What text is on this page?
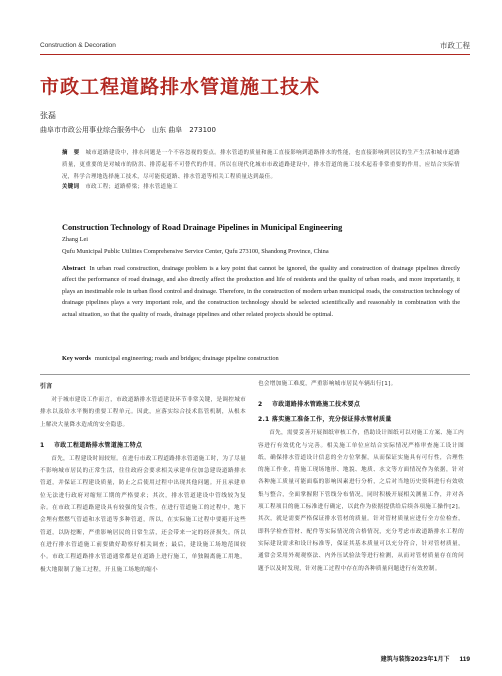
Construction & Decoration	市政工程
市政工程道路排水管道施工技术
张磊
曲阜市市政公用事业综合服务中心　山东 曲阜　273100
摘　要 城市道路建设中，排水问题是一个不容忽视的要点。排水管道的质量和施工直接影响到道路排水的性能，也直接影响到居民的生产生活和城市道路质量，更重要的是对城市的防洪、排涝起着不可替代的作用。所以在现代化城市市政道路建设中，排水管道的施工技术起着非常重要的作用，应结合实际情况，科学合理地选择施工技术，尽可能使道路、排水管道等相关工程质量达到最佳。
关键词 市政工程；道路桥梁；排水管道施工
Construction Technology of Road Drainage Pipelines in Municipal Engineering
Zhang Lei
Qufu Municipal Public Utilities Comprehensive Service Center, Qufu 273100, Shandong Province, China
Abstract In urban road construction, drainage problem is a key point that cannot be ignored, the quality and construction of drainage pipelines directly affect the performance of road drainage, and also directly affect the production and life of residents and the quality of urban roads, and more importantly, it plays an inestimable role in urban flood control and drainage. Therefore, in the construction of modern urban municipal roads, the construction technology of drainage pipelines plays a very important role, and the construction technology should be selected scientifically and reasonably in combination with the actual situation, so that the quality of roads, drainage pipelines and other related projects should be optimal.
Key words municipal engineering; roads and bridges; drainage pipeline construction
引言

对于城市建设工作而言，市政道路排水管道建设环节非常关键，是调控城市排水以及给水平衡的重要工程单元。因此，应落实综合技术监管机制，从根本上解决大量降水造成的安全隐患。

1 市政工程道路排水管道施工特点

首先，工程建设时间较短。在进行市政工程道路排水管道施工时，为了尽量不影响城市居民的正常生活，往往政府会要求相关承建单位加急建设道路排水管道，并保证工程建设质量，防止之后使用过程中出现其他问题。开且承建单位无法进行政府对缩短工期的严格要求；其次，排水管道建设中管线较为复杂。在市政工程道路建设具有较强的复合性，在进行管道施工的过程中，地下会埋有燃燃气管道和水管道等多种管道，所以，在实际施工过程中要避开这些管道，以防挖断，严重影响居民的日常生活，还会带来一定的经济损失。所以在进行排水管道施工前要做好勘察好相关调查；最后，建设施工场地范围较小。市政工程道路排水管道通常都是在道路上进行施工，单独隔离施工用地，极大地限制了施工过程，开且施工场地的缩小

也会增加施工难度，严重影响城市居民车辆出行[1]。

2 市政道路排水管路施工技术要点
2.1 落实施工准备工作，充分保证排水管材质量

首先，需要妥善开展图纸审核工作，借助设计图纸可以对施工方案、施工内容进行有效优化与完善。相关施工单位应结合实际情况严格审查施工设计图纸，确保排水管道设计信息的全方位掌握，从而保证实施具有可行性，合理性的施工作业，将施工现场地形、地貌、地质、水文等方面情况作为依据，针对各种施工质量可能面临的影响因素进行分析，之后对当地历史资料进行有效收集与整合，全面掌握附下管线分布情况，同时积极开展相关测量工作，并对各项工程项目的施工标准进行确定，以此作为依据提供给后续各项施工操作[2]。其次，就是需要严格保证排水管材的质量。针对管材质量应进行全方位检查，即科学检查管材、配件等实际情况的合格情况，充分考虑市政道路排水工程的实际建设需求和设计标准等，保证其基本质量可以充分符合，针对管材质量，通常会采用外观观察法、内外压试验法等进行检测，从而对管材质量存在的问题予以及时发现，针对施工过程中存在的各种质量问题进行有效控制。

建筑与装饰2023年1月下 119
